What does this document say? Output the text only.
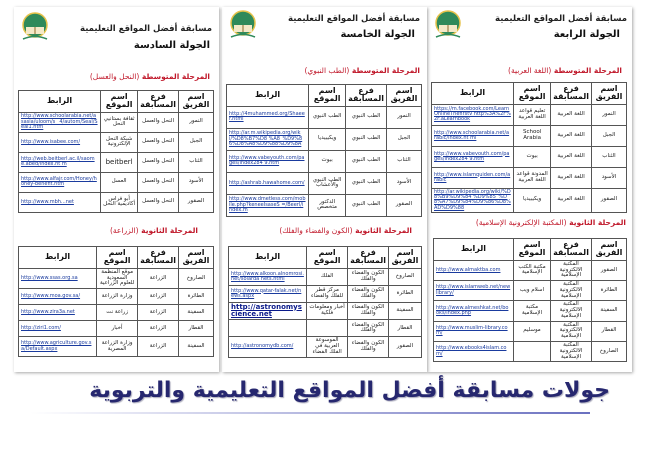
مسابقة أفضل المواقع التعليمية
الجولة الرابعة
المرحلة المتوسطة (اللغة العربية)
اسم الفريق	فرع المسابقة	اسم الموقع	الرابط
النمور	اللغة العربية	تعليم قواعد اللغة العربية	https://m.facebook.com/LearnOnlineThefirstv http%3A%2F%2F.aLearnbook
الجبل	اللغة العربية	School Arabia	http://www.schoolarabia.net/arabic/index.ht ml
الثناب	اللغة العربية	بيوت	http://www.vabevouth.com/pages/index284 9.htm
الأسود	اللغة العربية	المدونة قواعد اللغة العربية	http://www.islamquiden.com/arabic
الصقور	اللغة العربية	ويكيبيديا	http://ar.wikipedia.org/wiki/%D8%B9%D9%84 %D9%85_%D8%A7%D9%84%D9%86%D8%AD%D9%88
المرحلة الثانوية (المكتبة الإلكترونية الإسلامية)
اسم الفريق	فرع المسابقة	اسم الموقع	الرابط
الصقور	المكتبة الالكترونية الإسلامية	مكتبة الكتب الإسلامية	http://www.almaktba.com
الطائرة	المكتبة الالكترونية الإسلامية	اسلام ويب	http://www.islamweb.net/newlibrary/
السفينة	المكتبة الالكترونية الإسلامية	مكتبة الإسلامية	http://www.almeshkat.net/books/index.php
القطار	المكتبة الالكترونية الإسلامية	موسليم	http://www.muslim-library.com/
الصاروخ	المكتبة الالكترونية الإسلامية		http://www.ebooks4islam.com/
مسابقة أفضل المواقع التعليمية
الجولة الخامسة
المرحلة المتوسطة (الطب النبوي)
اسم الفريق	فرع المسابقة	اسم الموقع	الرابط
النمور	الطب النبوي	الطب النبوي	http://4muhammed.org/Shaeer.html
الجبل	الطب النبوي	ويكيبيديا	http://ar.m.wikipedia.org/wiki/%D8%B7%D8 %A8_%D9%86%D8%A8%D9%88%D9%8A
الثناب	الطب النبوي	بيوت	http://www.vabeyouth.com/pages/index284 9.htm
الأسود	الطب النبوي	الطب النبوي والأعشاب	http://ashrab.hawahome.com/
الصقور	الطب النبوي	الدكتور متخصص	http://www.dmetless.com/mobile.php?keneeIsaseS =/Beerl/index.m
المرحلة الثانوية (الكون والفضاء والفلك)
اسم الفريق	فرع المسابقة	اسم الموقع	الرابط
الصاروخ	الكون والفضاء والفلك	الفلك	http://www.alkoon.alnomrosi.net/solarda nets.html
الطائرة	الكون والفضاء والفلك	مركز قطر للفلك والفضاء	http://www.qatar-falak.net/news.aspx
السفينة	الكون والفضاء والفلك	أخبار ومعلومات فلكية	http://astronomyscience.net
القطار	الكون والفضاء والفلك		
الصقور	الكون والفضاء والفلك	الموسوعة العربية في الفلك الفضاء	http://astronomydb.com/
مسابقة أفضل المواقع التعليمية
الجولة السادسة
المرحلة المتوسطة (النحل والعسل)
اسم الفريق	فرع المسابقة	اسم الموقع	الرابط
النمور	النحل والعسل	ثقافة بستانيي النحل	http://www.schoolarabia.net/asasia/uloom/s _4/autom/Seal/Seal1.htm
الجبل	النحل والعسل	شبكة النحل الإلكترونية	http://www.isabee.com/
الثناب	النحل والعسل	beitberl	http://web.beitberl.ac.il/saome.abed/index.ht m
الأسود	النحل والعسل	العسل	http://www.alfajr.com/Honey/honey-benefit.htm
الصقور	النحل والعسل	أبو فراس أكاديمية النحل	http://www.mbh...net
المرحلة الثانوية (الزراعة)
اسم الفريق	فرع المسابقة	اسم الموقع	الرابط
الصاروخ	الزراعة	موقع المنظمة السعودية للعلوم الزراعية	http://www.ssas.org.sa
الطائرة	الزراعة	وزارة الزراعة	http://www.moa.gov.sa/
السفينة	الزراعة	زراعة نت	http://www.zira3a.net
القطار	الزراعة	أخبار	http://ziri1.com/
السفينة	الزراعة	وزارة الزراعة المصرية	http://www.agriculture.gov.sa/Default.aspx
جولات مسابقة أفضل المواقع التعليمية والتربوية
